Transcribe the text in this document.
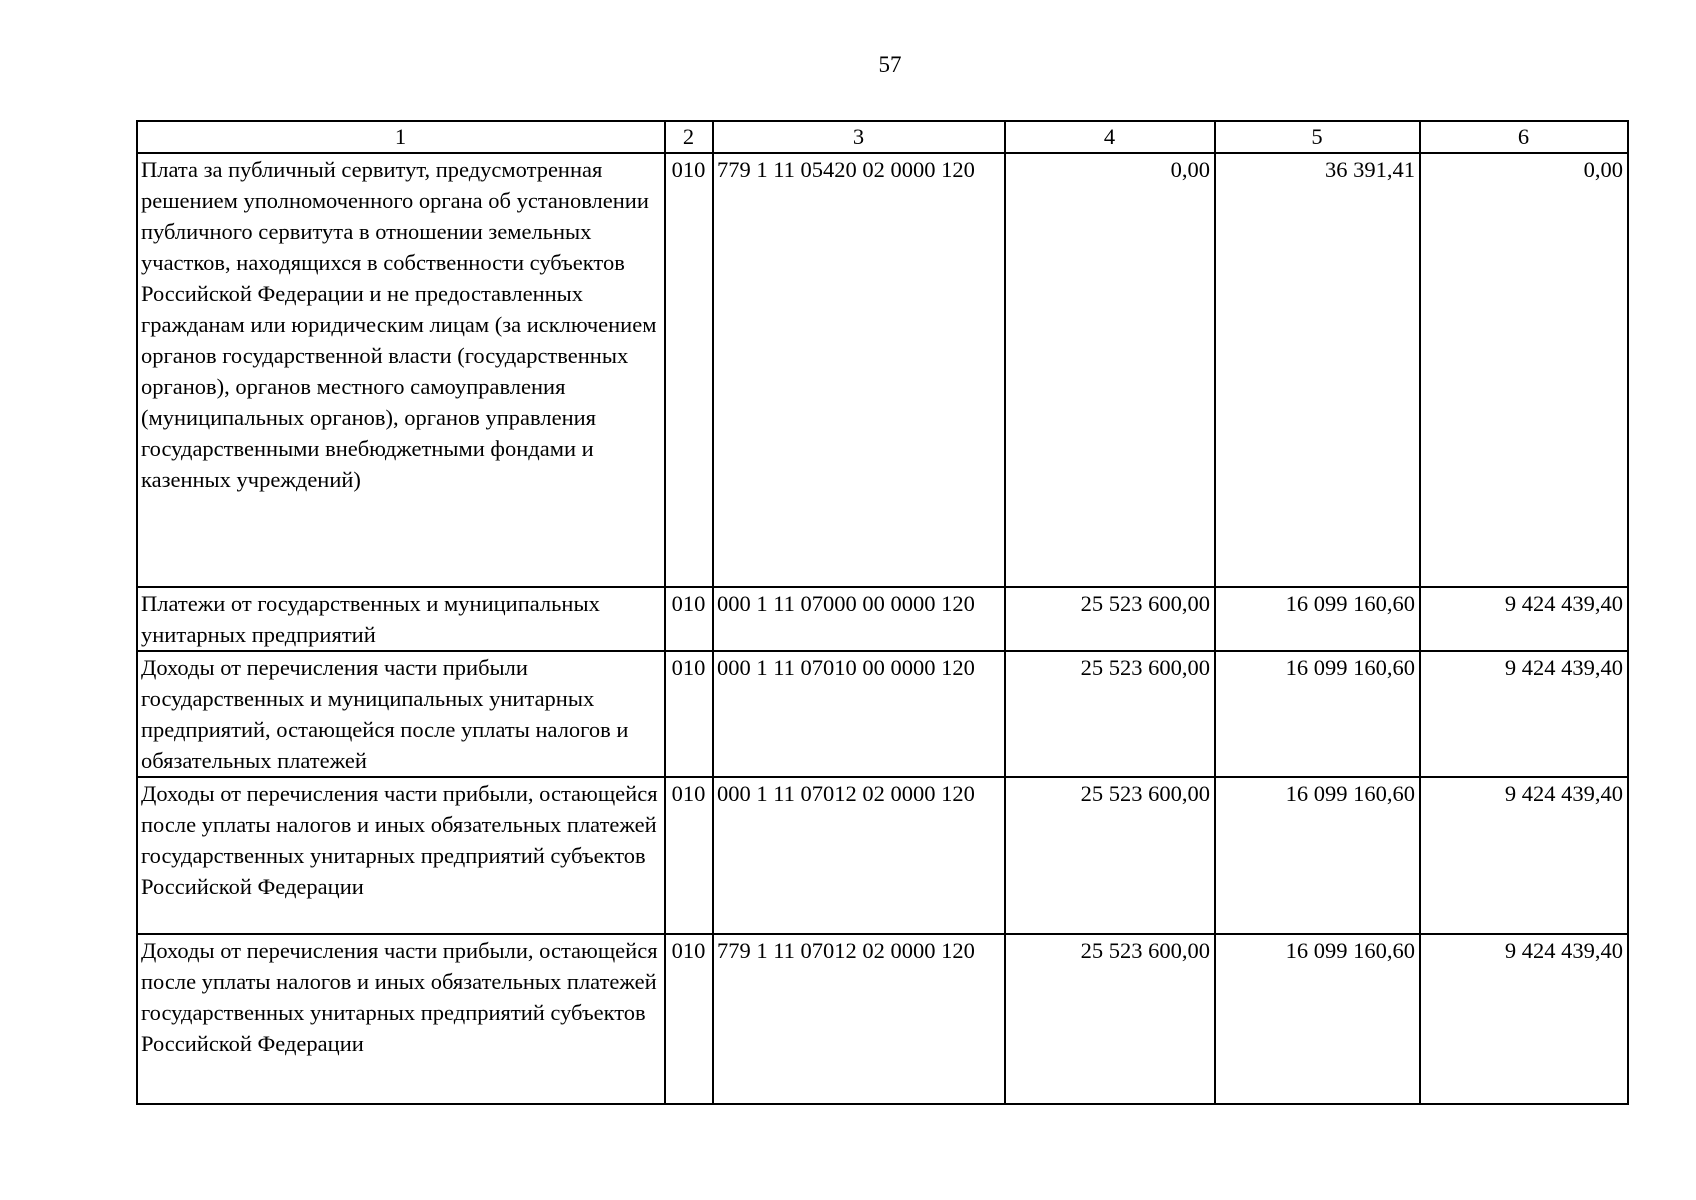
57
1	2	3	4	5	6
Плата за публичный сервитут, предусмотренная решением уполномоченного органа об установлении публичного сервитута в отношении земельных участков, находящихся в собственности субъектов Российской Федерации и не предоставленных гражданам или юридическим лицам (за исключением органов государственной власти (государственных органов), органов местного самоуправления (муниципальных органов), органов управления государственными внебюджетными фондами и казенных учреждений)	010	779 1 11 05420 02 0000 120	0,00	36 391,41	0,00
Платежи от государственных и муниципальных унитарных предприятий	010	000 1 11 07000 00 0000 120	25 523 600,00	16 099 160,60	9 424 439,40
Доходы от перечисления части прибыли государственных и муниципальных унитарных предприятий, остающейся после уплаты налогов и обязательных платежей	010	000 1 11 07010 00 0000 120	25 523 600,00	16 099 160,60	9 424 439,40
Доходы от перечисления части прибыли, остающейся после уплаты налогов и иных обязательных платежей государственных унитарных предприятий субъектов Российской Федерации	010	000 1 11 07012 02 0000 120	25 523 600,00	16 099 160,60	9 424 439,40
Доходы от перечисления части прибыли, остающейся после уплаты налогов и иных обязательных платежей государственных унитарных предприятий субъектов Российской Федерации	010	779 1 11 07012 02 0000 120	25 523 600,00	16 099 160,60	9 424 439,40
